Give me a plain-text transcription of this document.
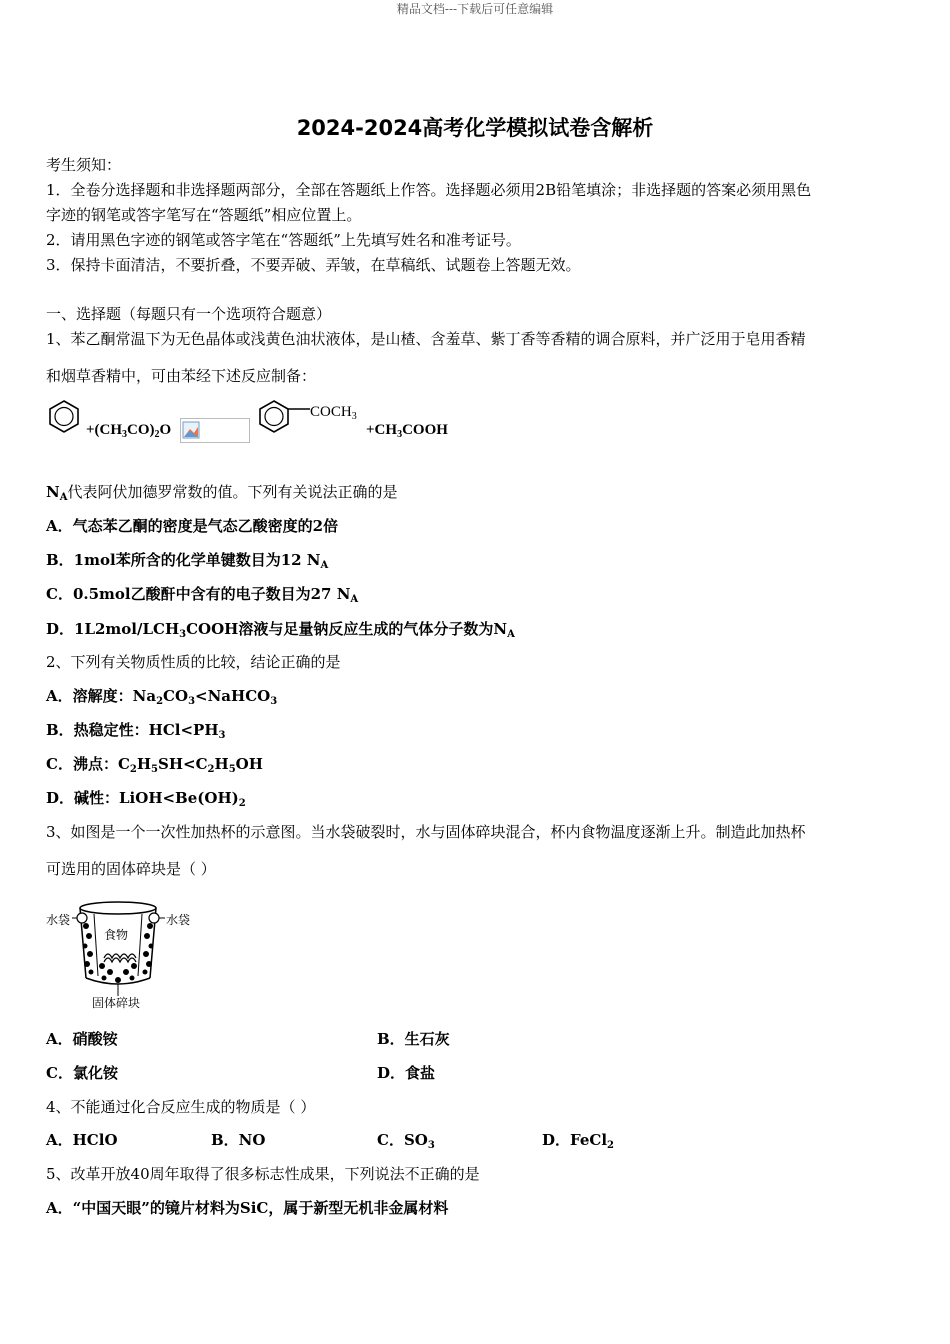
精品文档---下载后可任意编辑
2024-2024高考化学模拟试卷含解析
考生须知：
1．全卷分选择题和非选择题两部分，全部在答题纸上作答。选择题必须用2B铅笔填涂；非选择题的答案必须用黑色
字迹的钢笔或答字笔写在“答题纸”相应位置上。
2．请用黑色字迹的钢笔或答字笔在“答题纸”上先填写姓名和准考证号。
3．保持卡面清洁，不要折叠，不要弄破、弄皱，在草稿纸、试题卷上答题无效。
一、选择题（每题只有一个选项符合题意）
1、苯乙酮常温下为无色晶体或浅黄色油状液体，是山楂、含羞草、紫丁香等香精的调合原料，并广泛用于皂用香精
和烟草香精中，可由苯经下述反应制备：
$+(CH_3CO)_2O$
$COCH_3$
$+CH_3COOH$
$N_A$代表阿伏加德罗常数的值。下列有关说法正确的是
A．气态苯乙酮的密度是气态乙酸密度的2倍
B．1mol苯所含的化学单键数目为12 $N_A$
C．0.5mol乙酸酐中含有的电子数目为27 $N_A$
D．$1L2mol/LCH_3COOH$溶液与足量钠反应生成的气体分子数为$N_A$
2、下列有关物质性质的比较，结论正确的是
A．溶解度：$Na_2CO_3<NaHCO_3$
B．热稳定性：$HCl<PH_3$
C．沸点：$C_2H_5SH<C_2H_5OH$
D．碱性：$LiOH<Be(OH)_2$
3、如图是一个一次性加热杯的示意图。当水袋破裂时，水与固体碎块混合，杯内食物温度逐渐上升。制造此加热杯
可选用的固体碎块是（ ）
水袋	水袋
食物
固体碎块
A．硝酸铵	B．生石灰
C．氯化铵	D．食盐
4、不能通过化合反应生成的物质是（ ）
A．HClO	B．NO	C．$SO_3$	D．FeCl$_2$
5、改革开放40周年取得了很多标志性成果，下列说法不正确的是
A．“中国天眼”的镜片材料为SiC，属于新型无机非金属材料
